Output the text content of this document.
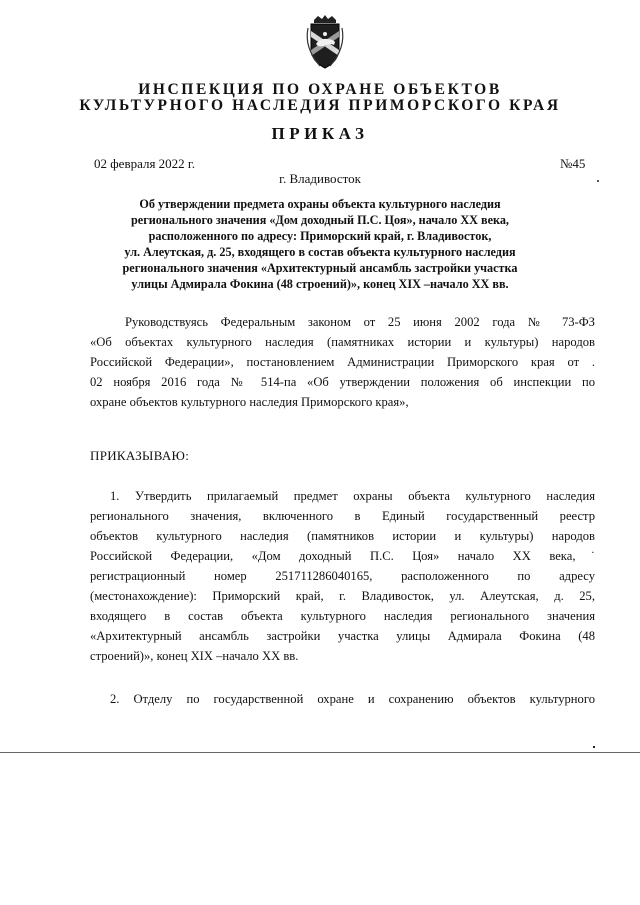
ИНСПЕКЦИЯ ПО ОХРАНЕ ОБЪЕКТОВ
КУЛЬТУРНОГО НАСЛЕДИЯ ПРИМОРСКОГО КРАЯ
ПРИКАЗ
02 февраля 2022 г.	№45
г. Владивосток
Об утверждении предмета охраны объекта культурного наследия
регионального значения «Дом доходный П.С. Цоя», начало XX века,
расположенного по адресу: Приморский край, г. Владивосток,
ул. Алеутская, д. 25, входящего в состав объекта культурного наследия
регионального значения «Архитектурный ансамбль застройки участка
улицы Адмирала Фокина (48 строений)», конец XIX –начало XX вв.
Руководствуясь Федеральным законом от 25 июня 2002 года № 73-ФЗ
«Об объектах культурного наследия (памятниках истории и культуры) народов
Российской Федерации», постановлением Администрации Приморского края от .
02 ноября 2016 года № 514-па «Об утверждении положения об инспекции по
охране объектов культурного наследия Приморского края»,
ПРИКАЗЫВАЮ:
1. Утвердить прилагаемый предмет охраны объекта культурного наследия
регионального значения, включенного в Единый государственный реестр
объектов культурного наследия (памятников истории и культуры) народов
Российской Федерации, «Дом доходный П.С. Цоя» начало XX века,˙
регистрационный номер 251711286040165, расположенного по адресу
(местонахождение): Приморский край, г. Владивосток, ул. Алеутская, д. 25,
входящего в состав объекта культурного наследия регионального значения
«Архитектурный ансамбль застройки участка улицы Адмирала Фокина (48
строений)», конец XIX –начало XX вв.
2. Отделу по государственной охране и сохранению объектов культурного
